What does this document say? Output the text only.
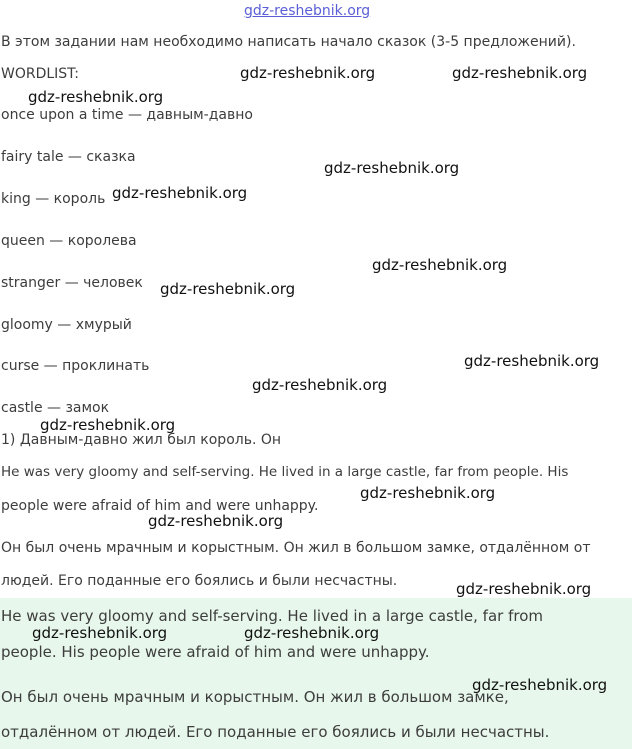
gdz-reshebnik.org
В этом задании нам необходимо написать начало сказок (3-5 предложений).
WORDLIST:
once upon a time — давным-давно
fairy tale — сказка
king — король
queen — королева
stranger — человек
gloomy — хмурый
curse — проклинать
castle — замок
1) Давным-давно жил был король. Он
He was very gloomy and self-serving. He lived in a large castle, far from people. His
people were afraid of him and were unhappy.
Он был очень мрачным и корыстным. Он жил в большом замке, отдалённом от
людей. Его поданные его боялись и были несчастны.
He was very gloomy and self-serving. He lived in a large castle, far from
people. His people were afraid of him and were unhappy.
Он был очень мрачным и корыстным. Он жил в большом замке,
отдалённом от людей. Его поданные его боялись и были несчастны.
gdz-reshebnik.org	gdz-reshebnik.org
gdz-reshebnik.org
gdz-reshebnik.org
gdz-reshebnik.org
gdz-reshebnik.org
gdz-reshebnik.org
gdz-reshebnik.org
gdz-reshebnik.org
gdz-reshebnik.org
gdz-reshebnik.org
gdz-reshebnik.org
gdz-reshebnik.org
gdz-reshebnik.org	gdz-reshebnik.org
gdz-reshebnik.org
